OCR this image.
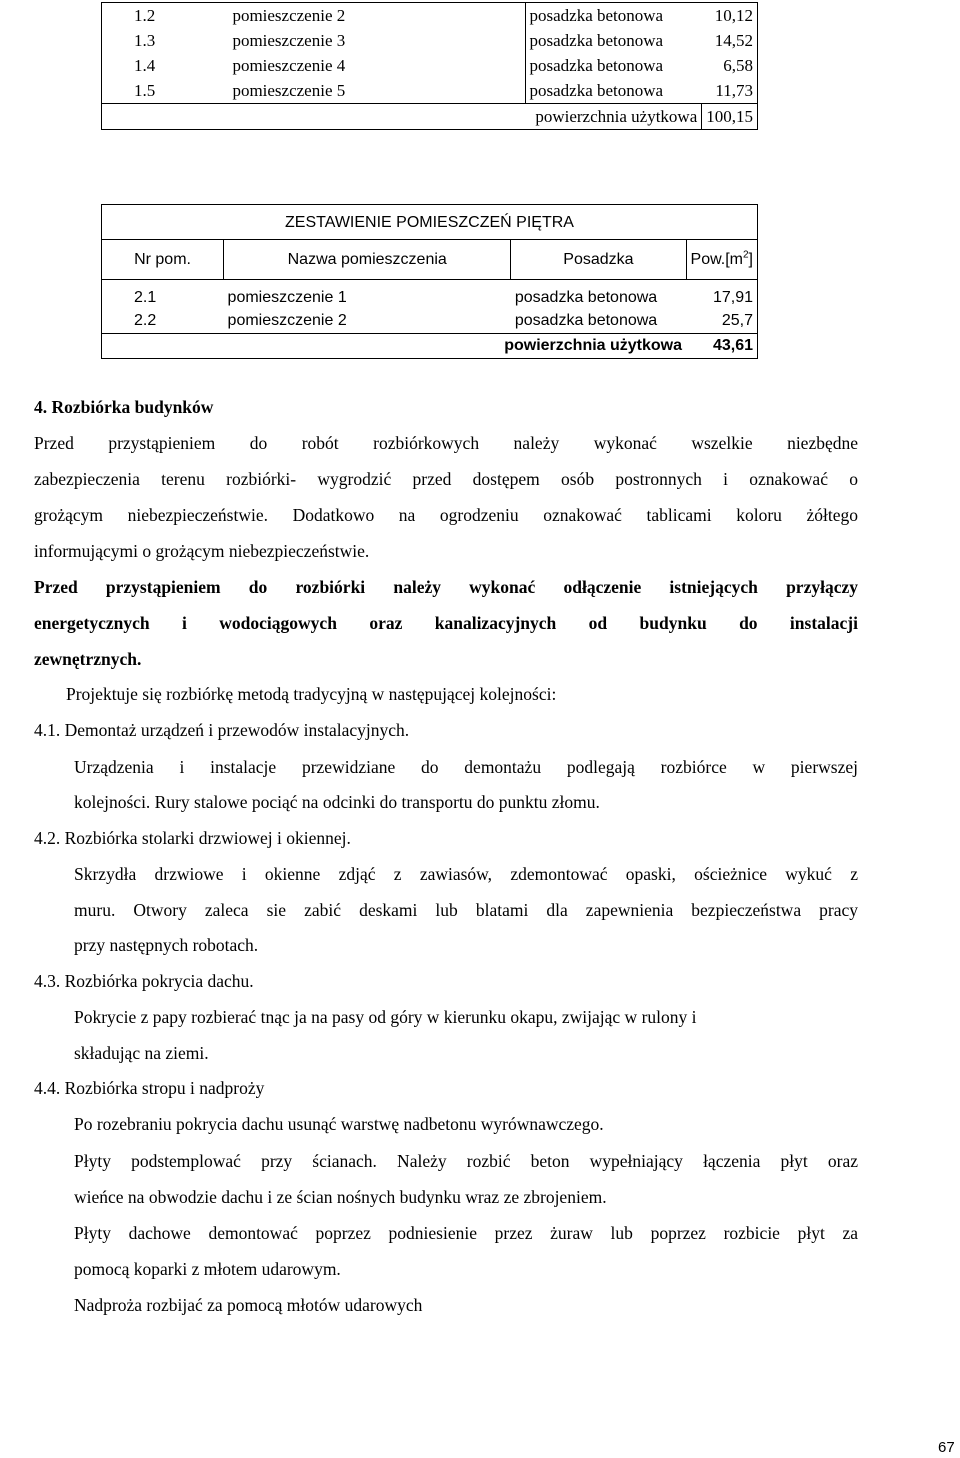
1.2	pomieszczenie 2	posadzka betonowa	10,12
1.3	pomieszczenie 3	posadzka betonowa	14,52
1.4	pomieszczenie 4	posadzka betonowa	6,58
1.5	pomieszczenie 5	posadzka betonowa	11,73
powierzchnia użytkowa			100,15
ZESTAWIENIE POMIESZCZEŃ PIĘTRA			
Nr pom.	Nazwa pomieszczenia	Posadzka	$Pow.[m^2]$
2.1	pomieszczenie 1	posadzka betonowa	17,91
2.2	pomieszczenie 2	posadzka betonowa	25,7
powierzchnia użytkowa			43,61

4. Rozbiórka budynków

Przed przystąpieniem do robót rozbiórkowych należy wykonać wszelkie niezbędne

zabezpieczenia terenu rozbiórki- wygrodzić przed dostępem osób postronnych i oznakować o

grożącym niebezpieczeństwie. Dodatkowo na ogrodzeniu oznakować tablicami koloru żółtego

informującymi o grożącym niebezpieczeństwie.

Przed przystąpieniem do rozbiórki należy wykonać odłączenie istniejących przyłączy

energetycznych i wodociągowych oraz kanalizacyjnych od budynku do instalacji

zewnętrznych.

Projektuje się rozbiórkę metodą tradycyjną w następującej kolejności:

4.1. Demontaż urządzeń i przewodów instalacyjnych.

Urządzenia i instalacje przewidziane do demontażu podlegają rozbiórce w pierwszej

kolejności. Rury stalowe pociąć na odcinki do transportu do punktu złomu.

4.2. Rozbiórka stolarki drzwiowej i okiennej.

Skrzydła drzwiowe i okienne zdjąć z zawiasów, zdemontować opaski, ościeżnice wykuć z

muru. Otwory zaleca sie zabić deskami lub blatami dla zapewnienia bezpieczeństwa pracy

przy następnych robotach.

4.3. Rozbiórka pokrycia dachu.

Pokrycie z papy rozbierać tnąc ja na pasy od góry w kierunku okapu, zwijając w rulony i

składując na ziemi.

4.4. Rozbiórka stropu i nadproży

Po rozebraniu pokrycia dachu usunąć warstwę nadbetonu wyrównawczego.

Płyty podstemplować przy ścianach. Należy rozbić beton wypełniający łączenia płyt oraz

wieńce na obwodzie dachu i ze ścian nośnych budynku wraz ze zbrojeniem.

Płyty dachowe demontować poprzez podniesienie przez żuraw lub poprzez rozbicie płyt za

pomocą koparki z młotem udarowym.

Nadproża rozbijać za pomocą młotów udarowych

67
